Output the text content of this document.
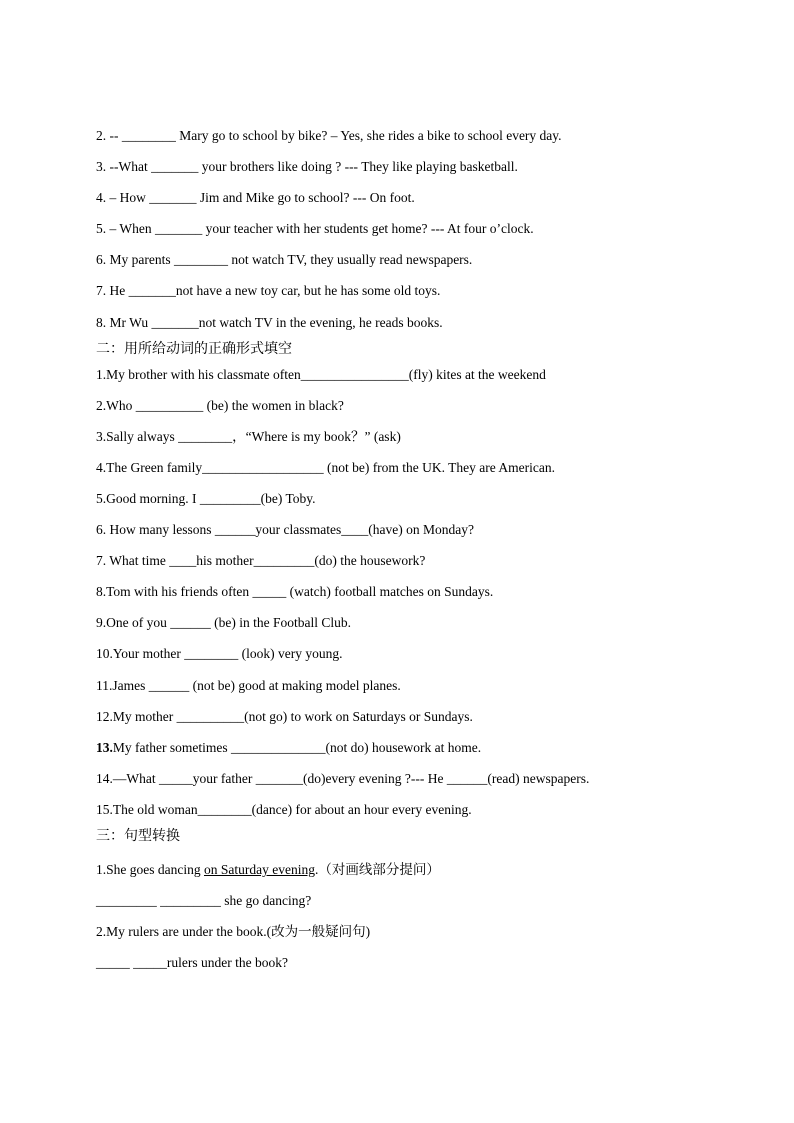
2. -- ________ Mary go to school by bike? – Yes, she rides a bike to school every day.
3. --What _______ your brothers like doing ? --- They like playing basketball.
4. – How _______ Jim and Mike go to school? --- On foot.
5. – When _______ your teacher with her students get home? --- At four o’clock.
6. My parents ________ not watch TV, they usually read newspapers.
7. He _______not have a new toy car, but he has some old toys.
8. Mr Wu _______not watch TV in the evening, he reads books.
二：用所给动词的正确形式填空
1.My brother with his classmate often________________(fly) kites at the weekend
2.Who __________ (be) the women in black?
3.Sally always ________，“Where is my book？” (ask)
4.The Green family__________________ (not be) from the UK. They are American.
5.Good morning. I _________(be) Toby.
6. How many lessons ______your classmates____(have) on Monday?
7. What time ____his mother_________(do) the housework?
8.Tom with his friends often _____ (watch) football matches on Sundays.
9.One of you ______ (be) in the Football Club.
10.Your mother ________ (look) very young.
11.James ______ (not be) good at making model planes.
12.My mother __________(not go) to work on Saturdays or Sundays.
13.My father sometimes ______________(not do) housework at home.
14.—What _____your father _______(do)every evening ?--- He ______(read) newspapers.
15.The old woman________(dance) for about an hour every evening.
三：句型转换
1.She goes dancing on Saturday evening.（对画线部分提问）
_________ _________ she go dancing?
2.My rulers are under the book.(改为一般疑问句)
_____ _____rulers under the book?
